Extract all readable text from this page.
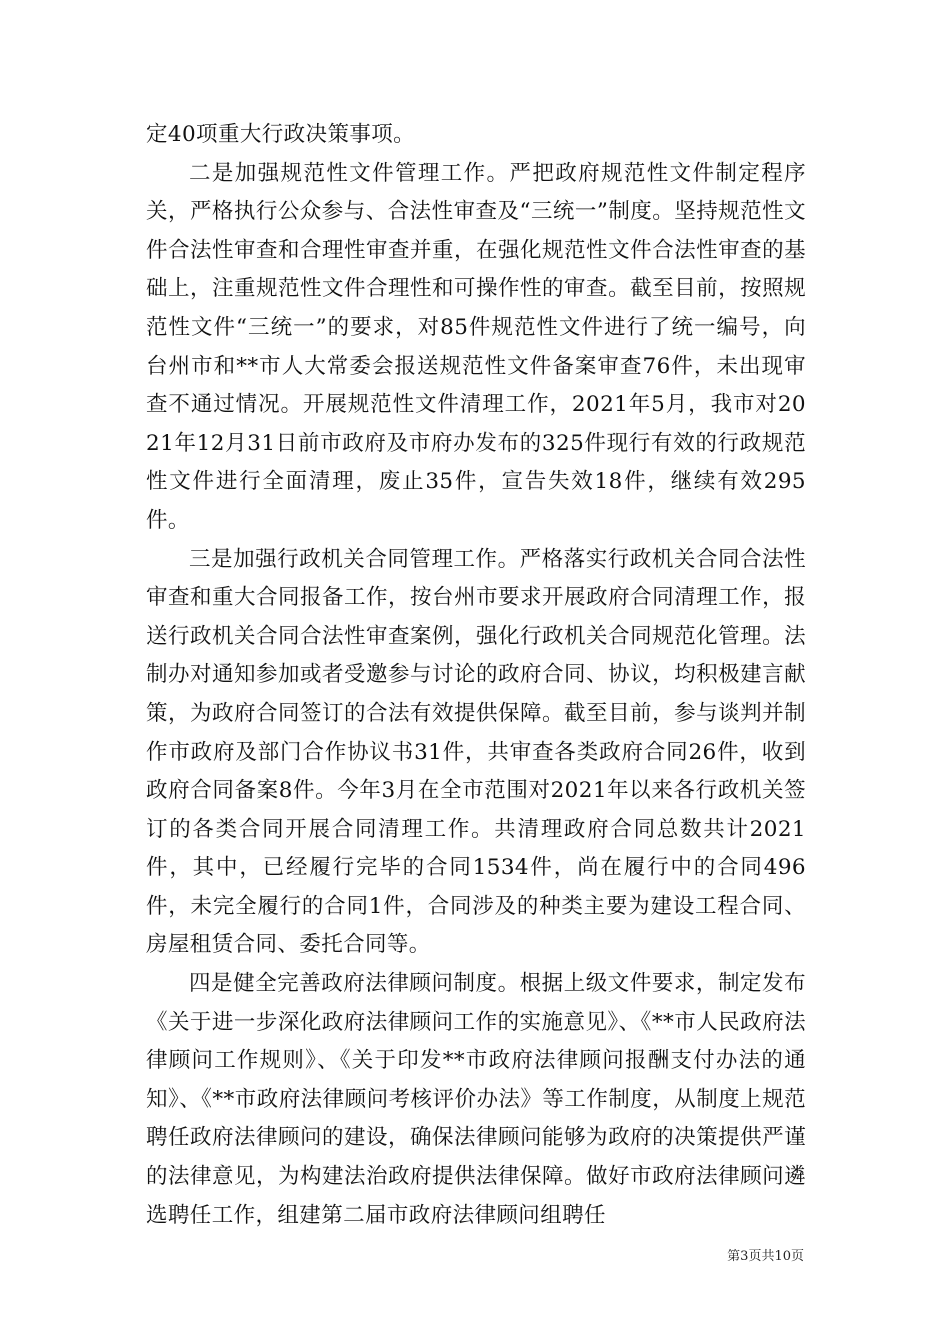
定40项重大行政决策事项。

二是加强规范性文件管理工作。严把政府规范性文件制定程序关，严格执行公众参与、合法性审查及“三统一”制度。坚持规范性文件合法性审查和合理性审查并重，在强化规范性文件合法性审查的基础上，注重规范性文件合理性和可操作性的审查。截至目前，按照规范性文件“三统一”的要求，对85件规范性文件进行了统一编号，向台州市和**市人大常委会报送规范性文件备案审查76件，未出现审查不通过情况。开展规范性文件清理工作，2021年5月，我市对2021年12月31日前市政府及市府办发布的325件现行有效的行政规范性文件进行全面清理，废止35件，宣告失效18件，继续有效295件。

三是加强行政机关合同管理工作。严格落实行政机关合同合法性审查和重大合同报备工作，按台州市要求开展政府合同清理工作，报送行政机关合同合法性审查案例，强化行政机关合同规范化管理。法制办对通知参加或者受邀参与讨论的政府合同、协议，均积极建言献策，为政府合同签订的合法有效提供保障。截至目前，参与谈判并制作市政府及部门合作协议书31件，共审查各类政府合同26件，收到政府合同备案8件。今年3月在全市范围对2021年以来各行政机关签订的各类合同开展合同清理工作。共清理政府合同总数共计2021件，其中，已经履行完毕的合同1534件，尚在履行中的合同496件，未完全履行的合同1件，合同涉及的种类主要为建设工程合同、房屋租赁合同、委托合同等。

四是健全完善政府法律顾问制度。根据上级文件要求，制定发布《关于进一步深化政府法律顾问工作的实施意见》、《**市人民政府法律顾问工作规则》、《关于印发**市政府法律顾问报酬支付办法的通知》、《**市政府法律顾问考核评价办法》等工作制度，从制度上规范聘任政府法律顾问的建设，确保法律顾问能够为政府的决策提供严谨的法律意见，为构建法治政府提供法律保障。做好市政府法律顾问遴选聘任工作，组建第二届市政府法律顾问组聘任

第3页共10页
